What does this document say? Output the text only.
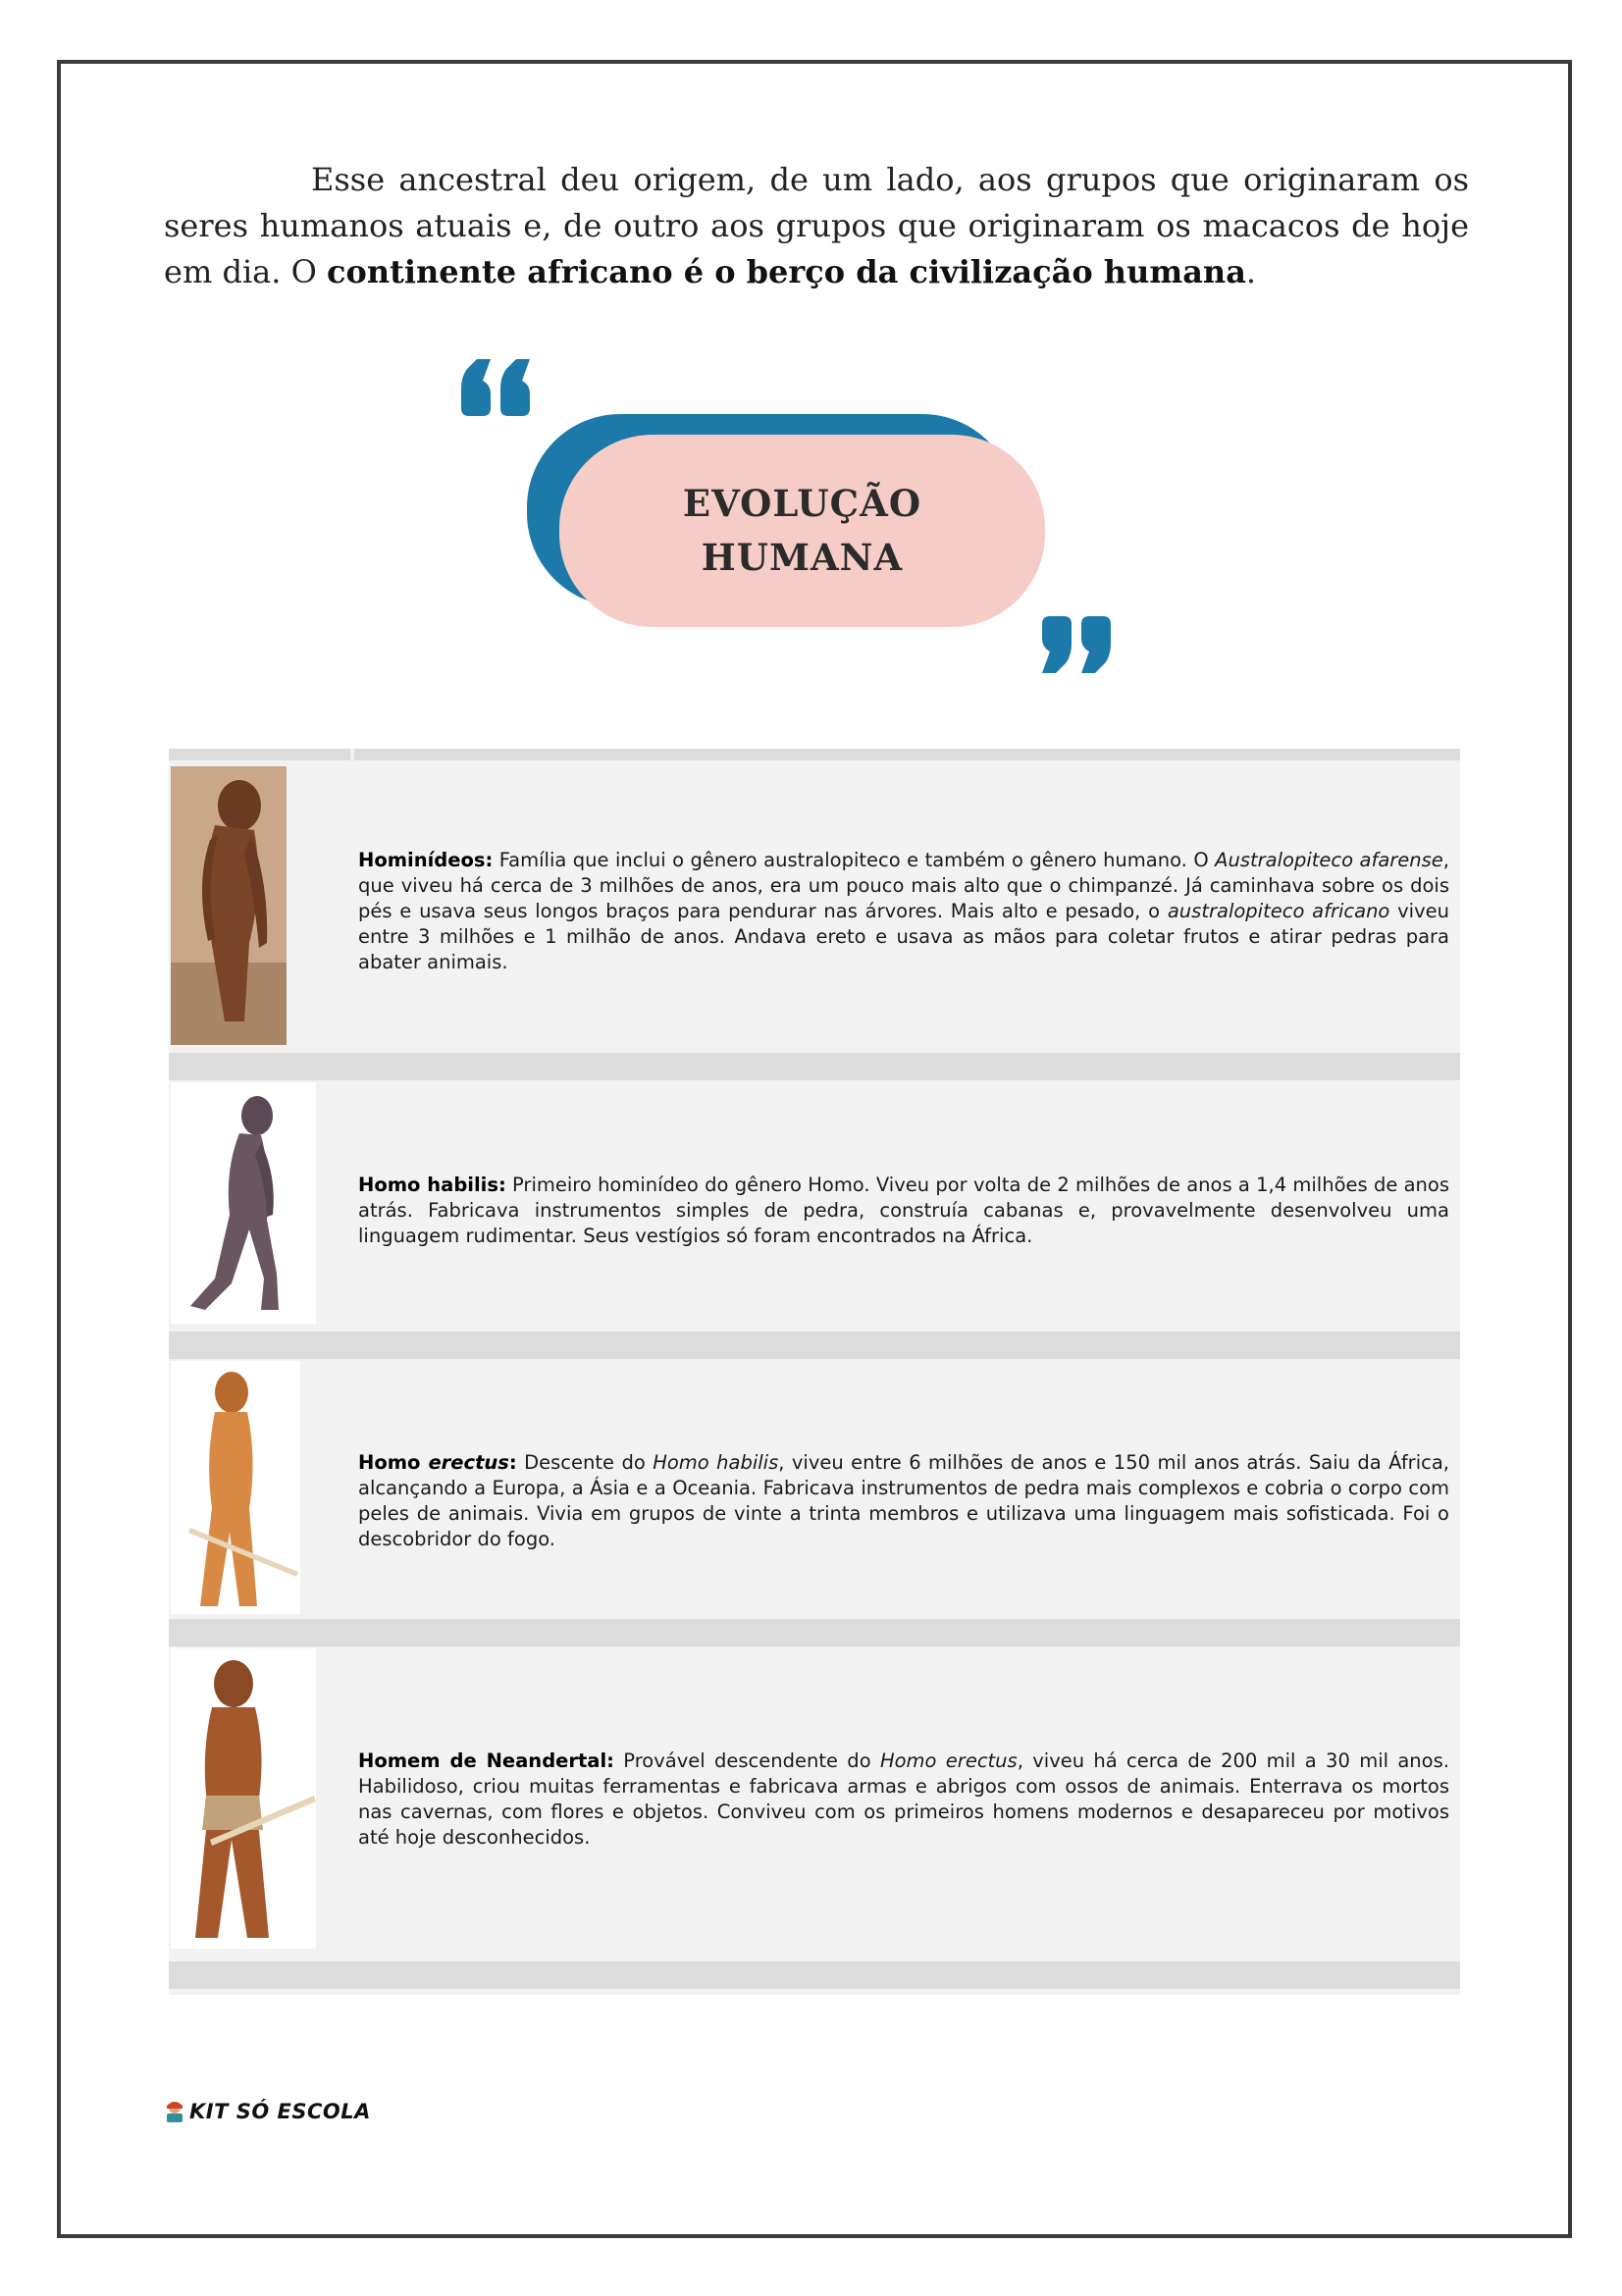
Esse ancestral deu origem, de um lado, aos grupos que originaram os seres humanos atuais e, de outro aos grupos que originaram os macacos de hoje em dia. O continente africano é o berço da civilização humana.

EVOLUÇÃO
HUMANA

Hominídeos: Família que inclui o gênero australopiteco e também o gênero humano. O Australopiteco afarense, que viveu há cerca de 3 milhões de anos, era um pouco mais alto que o chimpanzé. Já caminhava sobre os dois pés e usava seus longos braços para pendurar nas árvores. Mais alto e pesado, o australopiteco africano viveu entre 3 milhões e 1 milhão de anos. Andava ereto e usava as mãos para coletar frutos e atirar pedras para abater animais.

Homo habilis: Primeiro hominídeo do gênero Homo. Viveu por volta de 2 milhões de anos a 1,4 milhões de anos atrás. Fabricava instrumentos simples de pedra, construía cabanas e, provavelmente desenvolveu uma linguagem rudimentar. Seus vestígios só foram encontrados na África.

Homo erectus: Descente do Homo habilis, viveu entre 6 milhões de anos e 150 mil anos atrás. Saiu da África, alcançando a Europa, a Ásia e a Oceania. Fabricava instrumentos de pedra mais complexos e cobria o corpo com peles de animais. Vivia em grupos de vinte a trinta membros e utilizava uma linguagem mais sofisticada. Foi o descobridor do fogo.

Homem de Neandertal: Provável descendente do Homo erectus, viveu há cerca de 200 mil a 30 mil anos. Habilidoso, criou muitas ferramentas e fabricava armas e abrigos com ossos de animais. Enterrava os mortos nas cavernas, com flores e objetos. Conviveu com os primeiros homens modernos e desapareceu por motivos até hoje desconhecidos.

KIT SÓ ESCOLA
